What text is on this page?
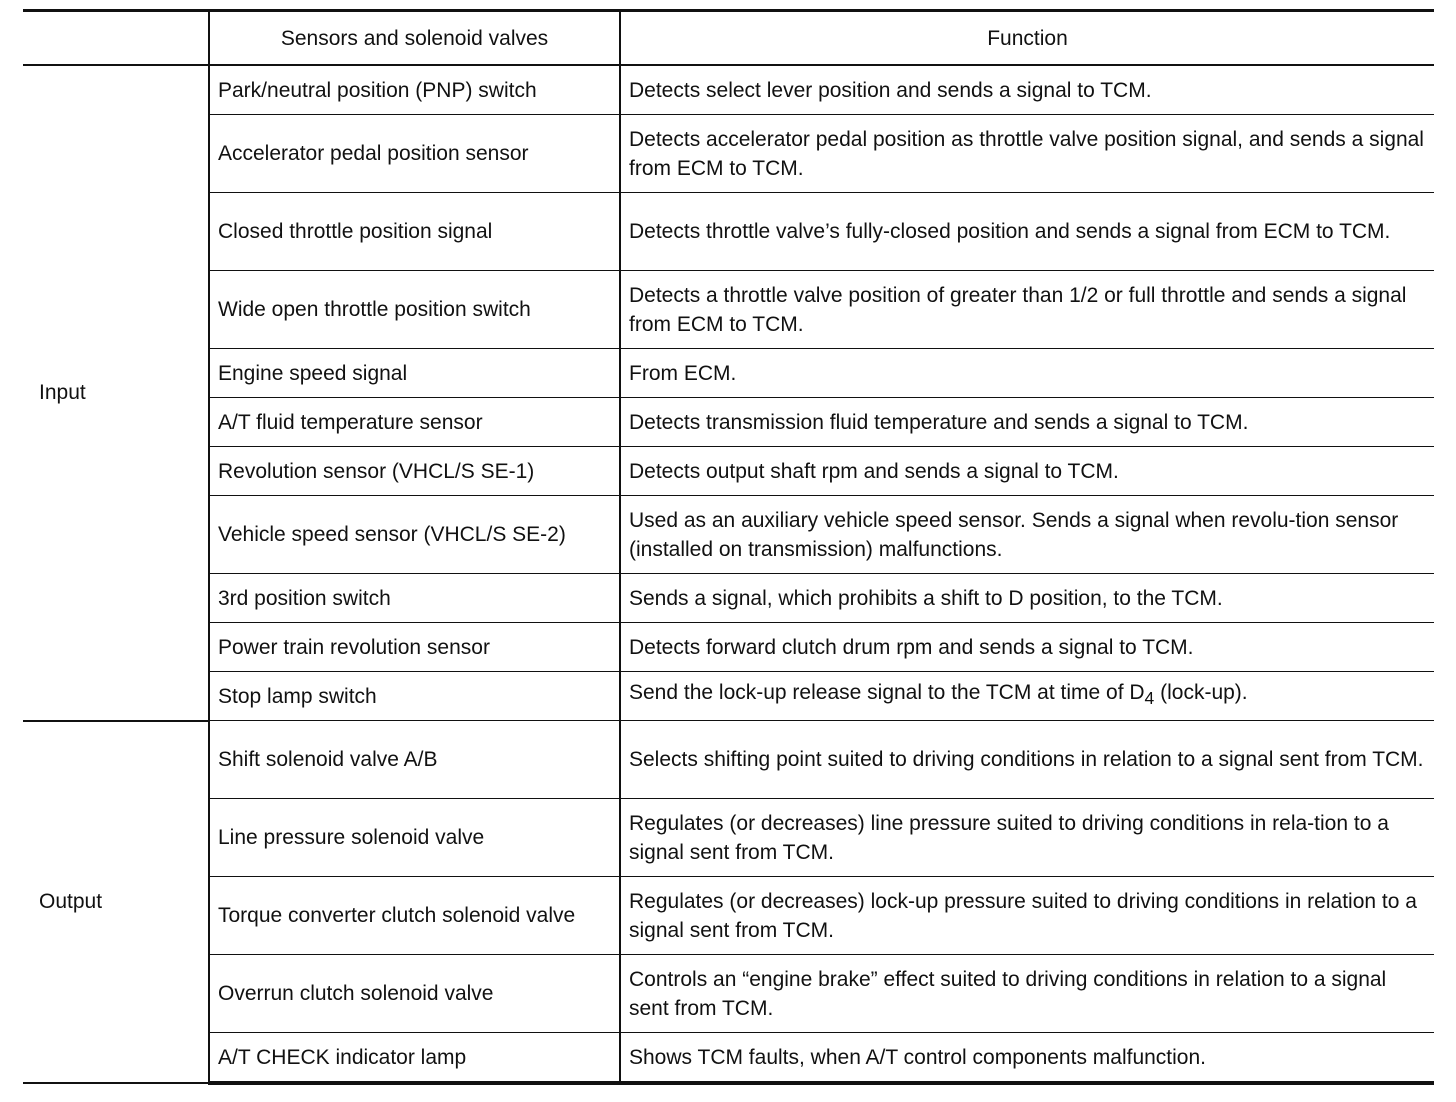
	Sensors and solenoid valves	Function
Input	Park/neutral position (PNP) switch	Detects select lever position and sends a signal to TCM.
	Accelerator pedal position sensor	Detects accelerator pedal position as throttle valve position signal, and sends a signal from ECM to TCM.
	Closed throttle position signal	Detects throttle valve’s fully-closed position and sends a signal from ECM to TCM.
	Wide open throttle position switch	Detects a throttle valve position of greater than 1/2 or full throttle and sends a signal from ECM to TCM.
	Engine speed signal	From ECM.
	A/T fluid temperature sensor	Detects transmission fluid temperature and sends a signal to TCM.
	Revolution sensor (VHCL/S SE-1)	Detects output shaft rpm and sends a signal to TCM.
	Vehicle speed sensor (VHCL/S SE-2)	Used as an auxiliary vehicle speed sensor. Sends a signal when revolu-tion sensor (installed on transmission) malfunctions.
	3rd position switch	Sends a signal, which prohibits a shift to D position, to the TCM.
	Power train revolution sensor	Detects forward clutch drum rpm and sends a signal to TCM.
	Stop lamp switch	Send the lock-up release signal to the TCM at time of $D_4$ (lock-up).
Output	Shift solenoid valve A/B	Selects shifting point suited to driving conditions in relation to a signal sent from TCM.
	Line pressure solenoid valve	Regulates (or decreases) line pressure suited to driving conditions in rela-tion to a signal sent from TCM.
	Torque converter clutch solenoid valve	Regulates (or decreases) lock-up pressure suited to driving conditions in relation to a signal sent from TCM.
	Overrun clutch solenoid valve	Controls an “engine brake” effect suited to driving conditions in relation to a signal sent from TCM.
	A/T CHECK indicator lamp	Shows TCM faults, when A/T control components malfunction.
